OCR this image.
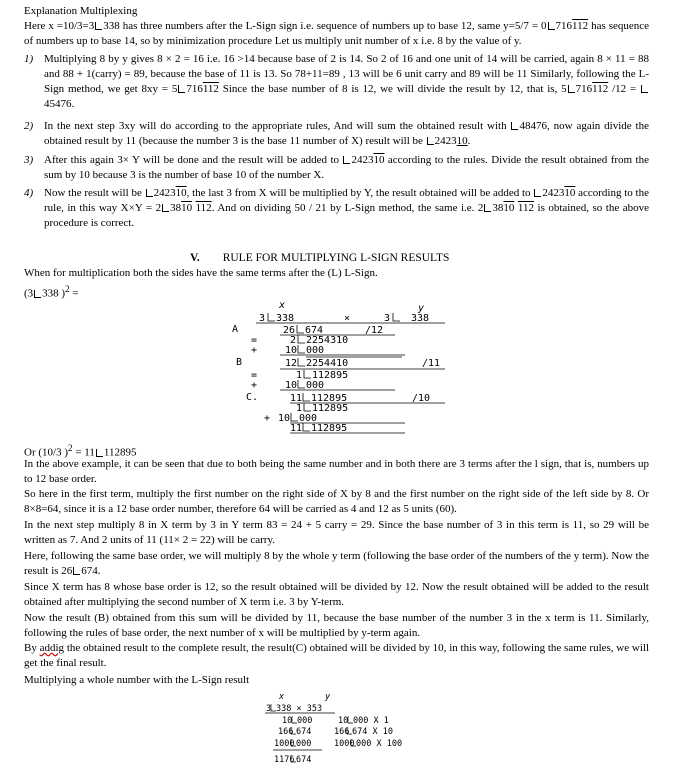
Explanation Multiplexing
Here x =10/3=3 338 has three numbers after the L-Sign sign i.e. sequence of numbers up to base 12, same y=5/7 = 0 716112 has sequence of numbers up to base 14, so by minimization procedure Let us multiply unit number of x i.e. 8 by the value of y.
1) Multiplying 8 by y gives 8 × 2 = 16 i.e. 16 >14 because base of 2 is 14. So 2 of 16 and one unit of 14 will be carried, again 8 × 11 = 88 and 88 + 1(carry) = 89, because the base of 11 is 13. So 78+11=89 , 13 will be 6 unit carry and 89 will be 11 Similarly, following the L-Sign method, we get 8xy = 5 716112 Since the base number of 8 is 12, we will divide the result by 12, that is, 5 716112 /12 = 45476.
2) In the next step 3xy will do according to the appropriate rules, And will sum the obtained result with 48476, now again divide the obtained result by 11 (because the number 3 is the base 11 number of X) result will be 242310.
3) After this again 3× Y will be done and the result will be added to 242310 according to the rules. Divide the result obtained from the sum by 10 because 3 is the number of base 10 of the number X.
4) Now the result will be 242310, the last 3 from X will be multiplied by Y, the result obtained will be added to 242310 according to the rule, in this way X×Y = 2 3810 112. And on dividing 50 / 21 by L-Sign method, the same i.e. 2 3810 112 is obtained, so the above procedure is correct.
V. RULE FOR MULTIPLYING L-SIGN RESULTS
When for multiplication both the sides have the same terms after the (L) L-Sign.
(3 338 )$^2$ =
x	y
3 338	×	3 338
A	26 674	/12
=	2 2254310
+	10 000
B	12 2254410	/11
=	1 112895
+	10 000
C.	11 112895	/10
1 112895
+ 10 000
11 112895
Or (10/3 )$^2$ = 11 112895
In the above example, it can be seen that due to both being the same number and in both there are 3 terms after the l sign, that is, numbers up to 12 base order.
So here in the first term, multiply the first number on the right side of X by 8 and the first number on the right side of the left side by 8. Or 8×8=64, since it is a 12 base order number, therefore 64 will be carried as 4 and 12 as 5 units (60).
In the next step multiply 8 in X term by 3 in Y term 83 = 24 + 5 carry = 29. Since the base number of 3 in this term is 11, so 29 will be written as 7. And 2 units of 11 (11× 2 = 22) will be carry.
Here, following the same base order, we will multiply 8 by the whole y term (following the base order of the numbers of the y term). Now the result is 26 674.
Since X term has 8 whose base order is 12, so the result obtained will be divided by 12. Now the result obtained will be added to the result obtained after multiplying the second number of X term i.e. 3 by Y-term.
Now the result (B) obtained from this sum will be divided by 11, because the base number of the number 3 in the x term is 11. Similarly, following the rules of base order, the next number of x will be multiplied by y-term again.
By addig the obtained result to the complete result, the result(C) obtained will be divided by 10, in this way, following the same rules, we will get the final result.
Multiplying a whole number with the L-Sign result
x	y
3 338 × 353
10 000	10 000 X 1
166 674	166 674 X 10
1000 000	1000 000 X 100
1176 674
